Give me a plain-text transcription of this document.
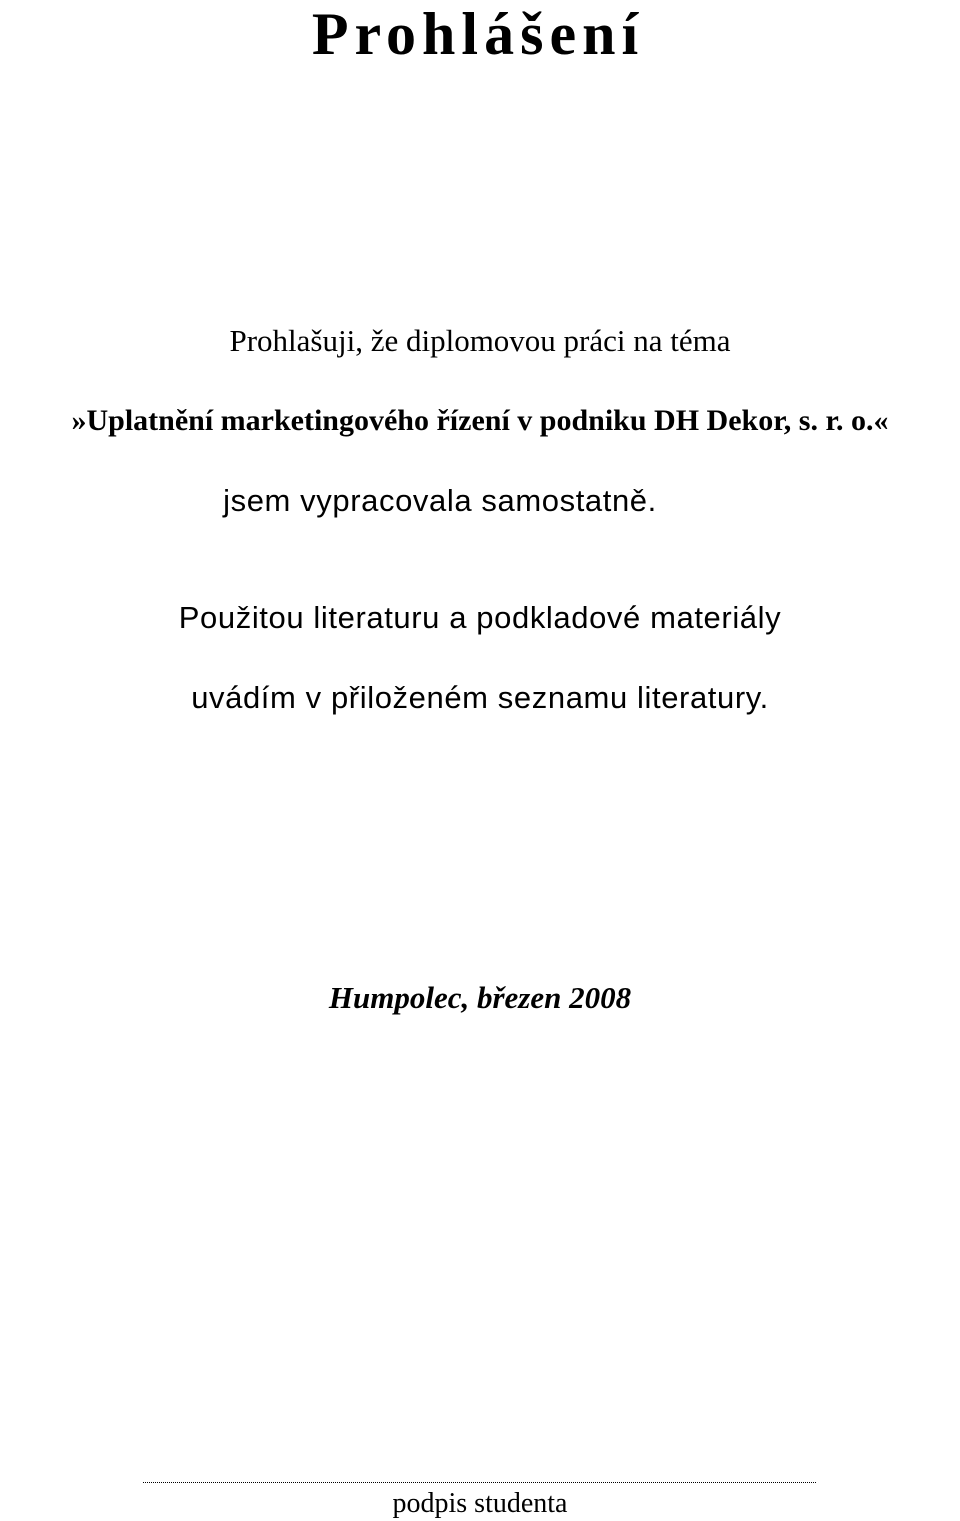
Prohlášení
Prohlašuji, že diplomovou práci na téma
»Uplatnění marketingového řízení v podniku DH Dekor, s. r. o.«
jsem vypracovala samostatně.
Použitou literaturu a podkladové materiály
uvádím v přiloženém seznamu literatury.
Humpolec, březen 2008
podpis studenta
